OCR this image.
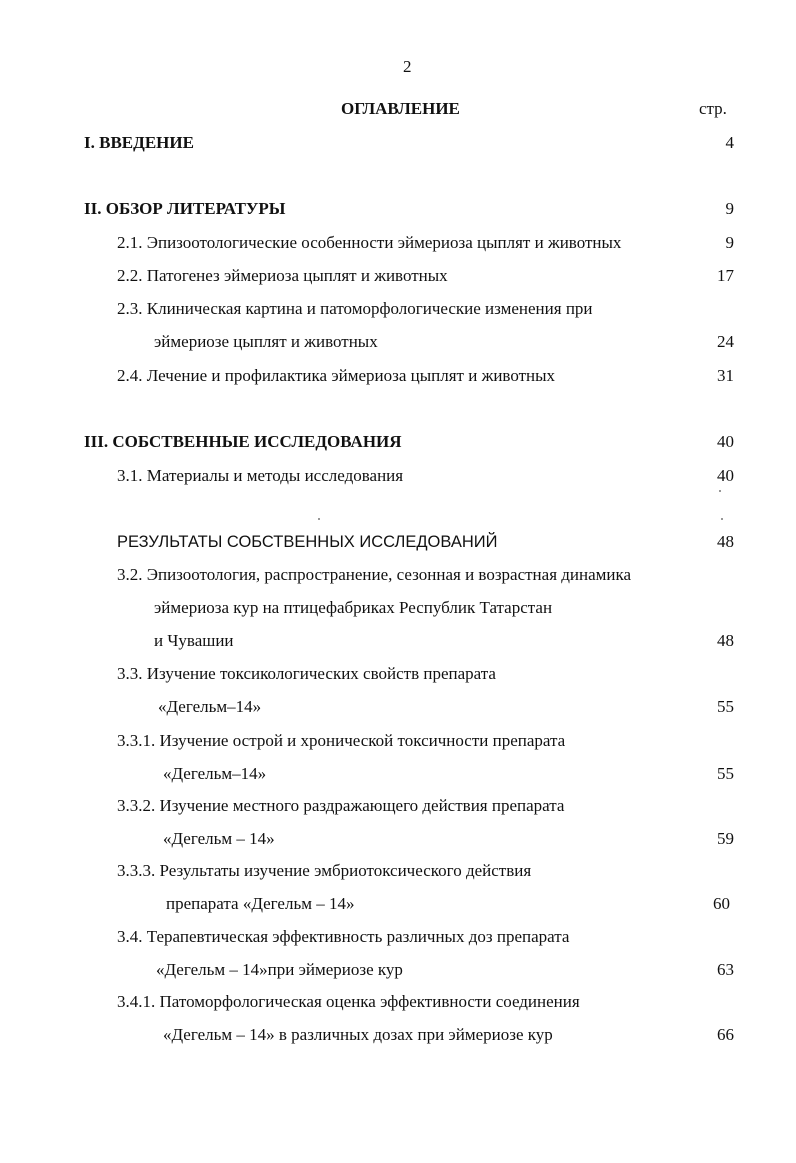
2
ОГЛАВЛЕНИЕ	стр.
I. ВВЕДЕНИЕ	4
II. ОБЗОР ЛИТЕРАТУРЫ	9
2.1. Эпизоотологические особенности эймериоза цыплят и животных	9
2.2. Патогенез эймериоза цыплят и животных	17
2.3. Клиническая картина и патоморфологические изменения при
эймериозе цыплят и животных	24
2.4. Лечение и профилактика эймериоза цыплят и животных	31
III. СОБСТВЕННЫЕ ИССЛЕДОВАНИЯ	40
3.1. Материалы и методы исследования	40
РЕЗУЛЬТАТЫ СОБСТВЕННЫХ ИССЛЕДОВАНИЙ	48
3.2. Эпизоотология, распространение, сезонная и возрастная динамика
эймериоза кур на птицефабриках Республик Татарстан
и Чувашии	48
3.3. Изучение токсикологических свойств препарата
«Дегельм–14»	55
3.3.1. Изучение острой и хронической токсичности препарата
«Дегельм–14»	55
3.3.2. Изучение местного раздражающего действия препарата
«Дегельм – 14»	59
3.3.3. Результаты изучение эмбриотоксического действия
препарата «Дегельм – 14»	60
3.4. Терапевтическая эффективность различных доз препарата
«Дегельм – 14»при эймериозе кур	63
3.4.1. Патоморфологическая оценка эффективности соединения
«Дегельм – 14» в различных дозах при эймериозе кур	66
